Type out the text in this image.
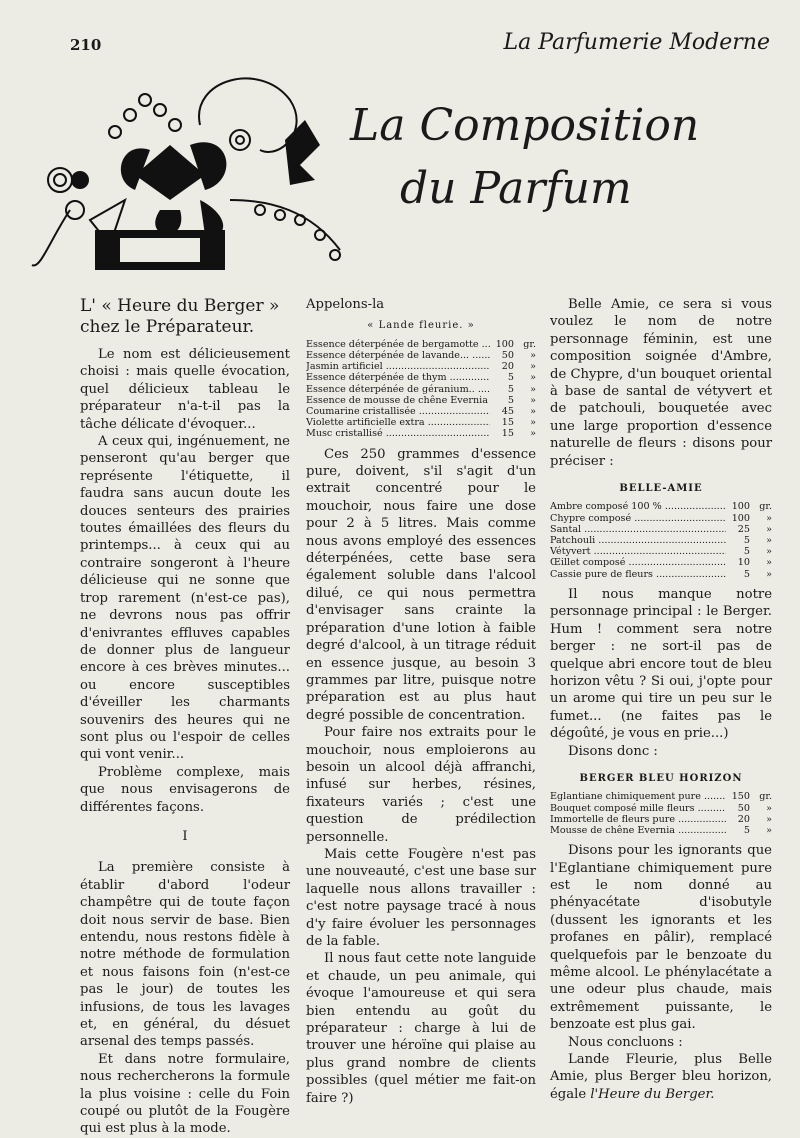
210	La Parfumerie Moderne
La Composition
du Parfum
L' « Heure du Berger » chez le Préparateur.

Le nom est délicieusement choisi : mais quelle évocation, quel délicieux tableau le préparateur n'a-t-il pas la tâche délicate d'évoquer...

A ceux qui, ingénuement, ne penseront qu'au berger que représente l'étiquette, il faudra sans aucun doute les douces senteurs des prairies toutes émaillées des fleurs du printemps... à ceux qui au contraire songeront à l'heure délicieuse qui ne sonne que trop rarement (n'est-ce pas), ne devrons nous pas offrir d'enivrantes effluves capables de donner plus de langueur encore à ces brèves minutes... ou encore susceptibles d'éveiller les charmants souvenirs des heures qui ne sont plus ou l'espoir de celles qui vont venir...

Problème complexe, mais que nous envisagerons de différentes façons.

I

La première consiste à établir d'abord l'odeur champêtre qui de toute façon doit nous servir de base. Bien entendu, nous restons fidèle à notre méthode de formulation et nous faisons foin (n'est-ce pas le jour) de toutes les infusions, de tous les lavages et, en général, du désuet arsenal des temps passés.

Et dans notre formulaire, nous rechercherons la formule la plus voisine : celle du Foin coupé ou plutôt de la Fougère qui est plus à la mode.

Appelons-la

« Lande fleurie. »
Essence déterpénée de bergamotte .....	100 gr.
Essence déterpénée de lavande... .....	50	»
Jasmin artificiel .....	20	»
Essence déterpénée de thym .....	5	»
Essence déterpénée de géranium.. .....	5	»
Essence de mousse de chêne Evernia .....	5	»
Coumarine cristallisée .....	45	»
Violette artificielle extra .....	15	»
Musc cristallisé .....	15	»

Ces 250 grammes d'essence pure, doivent, s'il s'agit d'un extrait concentré pour le mouchoir, nous faire une dose pour 2 à 5 litres. Mais comme nous avons employé des essences déterpénées, cette base sera également soluble dans l'alcool dilué, ce qui nous permettra d'envisager sans crainte la préparation d'une lotion à faible degré d'alcool, à un titrage réduit en essence jusque, au besoin 3 grammes par litre, puisque notre préparation est au plus haut degré possible de concentration.

Pour faire nos extraits pour le mouchoir, nous emploierons au besoin un alcool déjà affranchi, infusé sur herbes, résines, fixateurs variés ; c'est une question de prédilection personnelle.

Mais cette Fougère n'est pas une nouveauté, c'est une base sur laquelle nous allons travailler : c'est notre paysage tracé à nous d'y faire évoluer les personnages de la fable.

Il nous faut cette note languide et chaude, un peu animale, qui évoque l'amoureuse et qui sera bien entendu au goût du préparateur : charge à lui de trouver une héroïne qui plaise au plus grand nombre de clients possibles (quel métier me fait-on faire ?)

Belle Amie, ce sera si vous voulez le nom de notre personnage féminin, est une composition soignée d'Ambre, de Chypre, d'un bouquet oriental à base de santal de vétyvert et de patchouli, bouquetée avec une large proportion d'essence naturelle de fleurs : disons pour préciser :

BELLE-AMIE
Ambre composé 100 % .....	100 gr.
Chypre composé .....	100	»
Santal .....	25	»
Patchouli .....	5	»
Vétyvert .....	5	»
Œillet composé .....	10	»
Cassie pure de fleurs .....	5	»

Il nous manque notre personnage principal : le Berger. Hum ! comment sera notre berger : ne sort-il pas de quelque abri encore tout de bleu horizon vêtu ? Si oui, j'opte pour un arome qui tire un peu sur le fumet... (ne faites pas le dégoûté, je vous en prie...)

Disons donc :

BERGER BLEU HORIZON
Eglantiane chimiquement pure .....	150 gr.
Bouquet composé mille fleurs .....	50	»
Immortelle de fleurs pure .....	20	»
Mousse de chêne Evernia .....	5	»

Disons pour les ignorants que l'Eglantiane chimiquement pure est le nom donné au phényacétate d'isobutyle (dussent les ignorants et les profanes en pâlir), remplacé quelquefois par le benzoate du même alcool. Le phénylacétate a une odeur plus chaude, mais extrêmement puissante, le benzoate est plus gai.

Nous concluons :

Lande Fleurie, plus Belle Amie, plus Berger bleu horizon, égale l'Heure du Berger.
